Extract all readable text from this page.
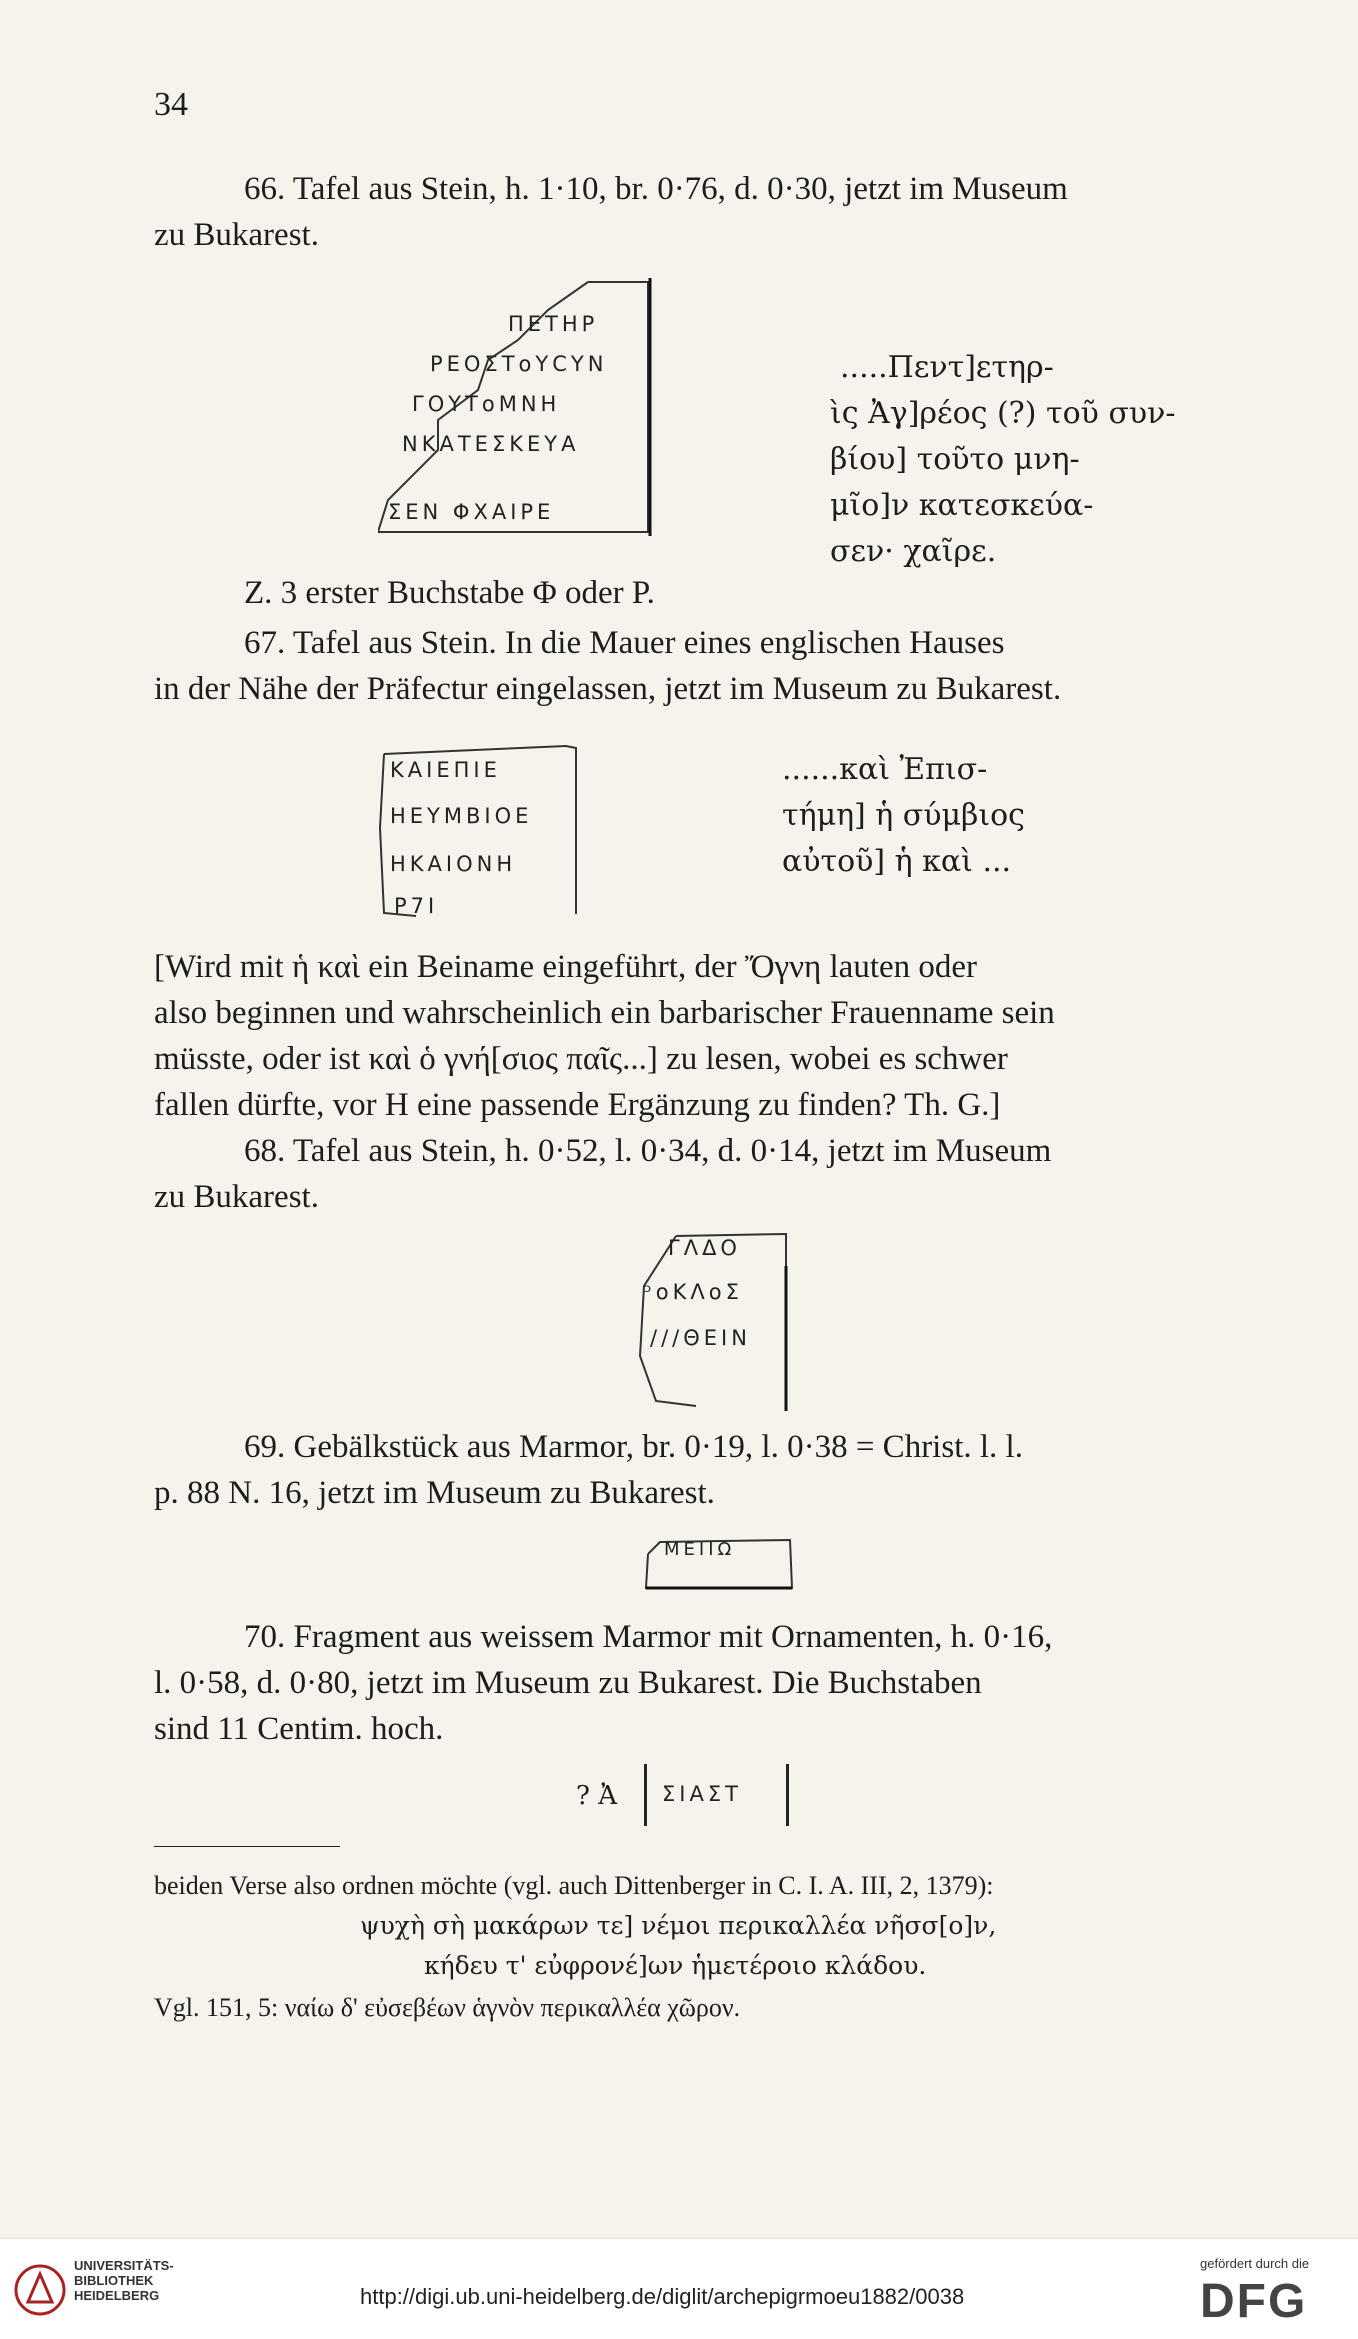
34
66. Tafel aus Stein, h. 1·10, br. 0·76, d. 0·30, jetzt im Museum
zu Bukarest.
ΠΕΤΗΡ
ΡΕΟΣΤοΥCΥΝ
ΓΟΥΤοΜΝΗ
ΝΚΑΤΕΣΚΕΥΑ
ΣΕΝ ΦΧΑΙΡΕ
.....Πεντ]ετηρ-
ὶς Ἀγ]ρέος (?) τοῦ συν-
βίου] τοῦτο μνη-
μῖο]ν κατεσκεύα-
σεν· χαῖρε.
Z. 3 erster Buchstabe Φ oder Ρ.
67. Tafel aus Stein. In die Mauer eines englischen Hauses
in der Nähe der Präfectur eingelassen, jetzt im Museum zu Bukarest.
ΚΑΙΕΠΙΕ
ΗΕΥΜΒΙΟΕ
ΗΚΑΙΟΝΗ
Ρ7Ι
......καὶ Ἐπισ-
τήμη] ἡ σύμβιος
αὐτοῦ] ἡ καὶ ...
[Wird mit ἡ καὶ ein Beiname eingeführt, der Ὄγνη lauten oder
also beginnen und wahrscheinlich ein barbarischer Frauenname sein
müsste, oder ist καὶ ὁ γνή[σιος παῖς...] zu lesen, wobei es schwer
fallen dürfte, vor Η eine passende Ergänzung zu finden? Th. G.]
68. Tafel aus Stein, h. 0·52, l. 0·34, d. 0·14, jetzt im Museum
zu Bukarest.
ΓΛΔΟ
ᵓοΚΛοΣ
///ΘΕΙΝ
69. Gebälkstück aus Marmor, br. 0·19, l. 0·38 = Christ. l. l.
p. 88 N. 16, jetzt im Museum zu Bukarest.
ΜΕΙΙΩ
70. Fragment aus weissem Marmor mit Ornamenten, h. 0·16,
l. 0·58, d. 0·80, jetzt im Museum zu Bukarest. Die Buchstaben
sind 11 Centim. hoch.
? Ἀ ΣΙΑΣΤ
beiden Verse also ordnen möchte (vgl. auch Dittenberger in C. I. A. III, 2, 1379):
ψυχὴ σὴ μακάρων τε] νέμοι περικαλλέα νῆσσ[ο]ν,
κήδευ τ' εὐφρονέ]ων ἡμετέροιο κλάδου.
Vgl. 151, 5: ναίω δ' εὐσεβέων ἁγνὸν περικαλλέα χῶρον.
UNIVERSITÄTS-
BIBLIOTHEK
HEIDELBERG	http://digi.ub.uni-heidelberg.de/diglit/archepigrmoeu1882/0038
gefördert durch die
DFG
